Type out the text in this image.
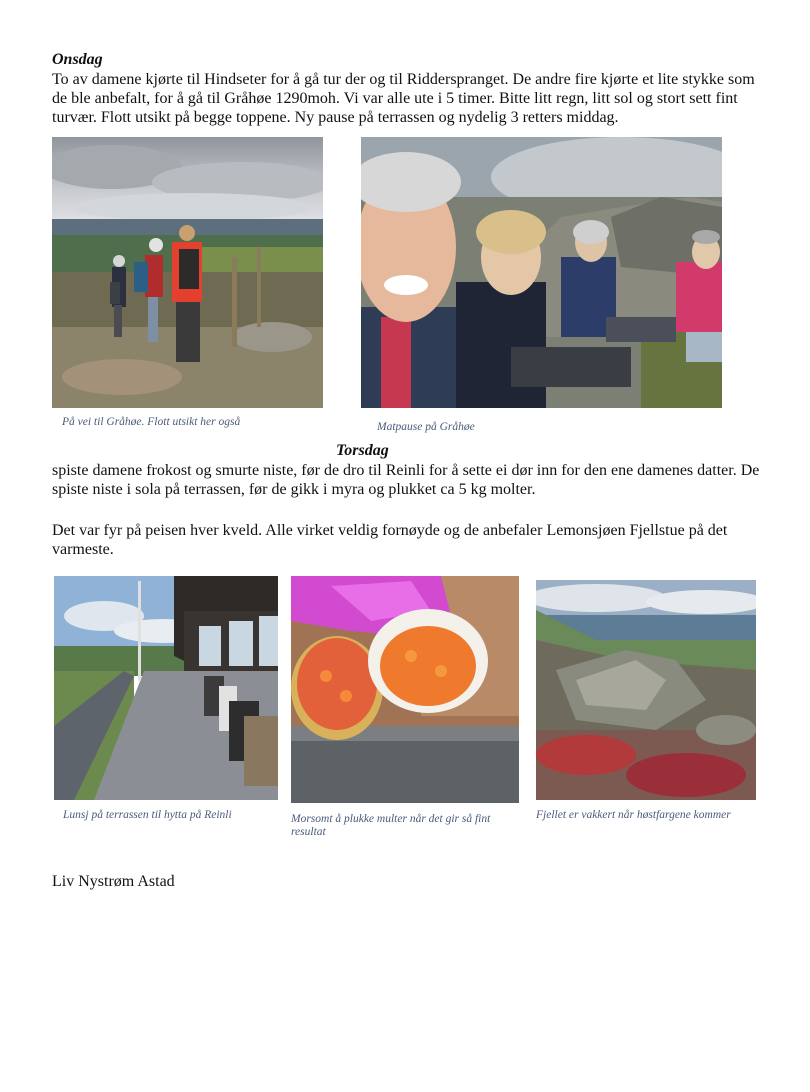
Onsdag
To av damene kjørte til Hindseter for å gå tur der og til Ridderspranget. De andre fire kjørte et lite stykke som de ble anbefalt, for å gå til Gråhøe 1290moh. Vi var alle ute i 5 timer. Bitte litt regn, litt sol og stort sett fint turvær. Flott utsikt på begge toppene. Ny pause på terrassen og nydelig 3 retters middag.
På vei til Gråhøe. Flott utsikt her også	Matpause på Gråhøe
Torsdag
spiste damene frokost og smurte niste, før de dro til Reinli for å sette ei dør inn for den ene damenes datter. De spiste niste i sola på terrassen, før de gikk i myra og plukket ca 5 kg molter.
Det var fyr på peisen hver kveld. Alle virket veldig fornøyde og de anbefaler Lemonsjøen Fjellstue på det varmeste.
Lunsj på terrassen til hytta på Reinli	Morsomt å plukke multer når det gir så fint resultat
Fjellet er vakkert når høstfargene kommer
Liv Nystrøm Astad
